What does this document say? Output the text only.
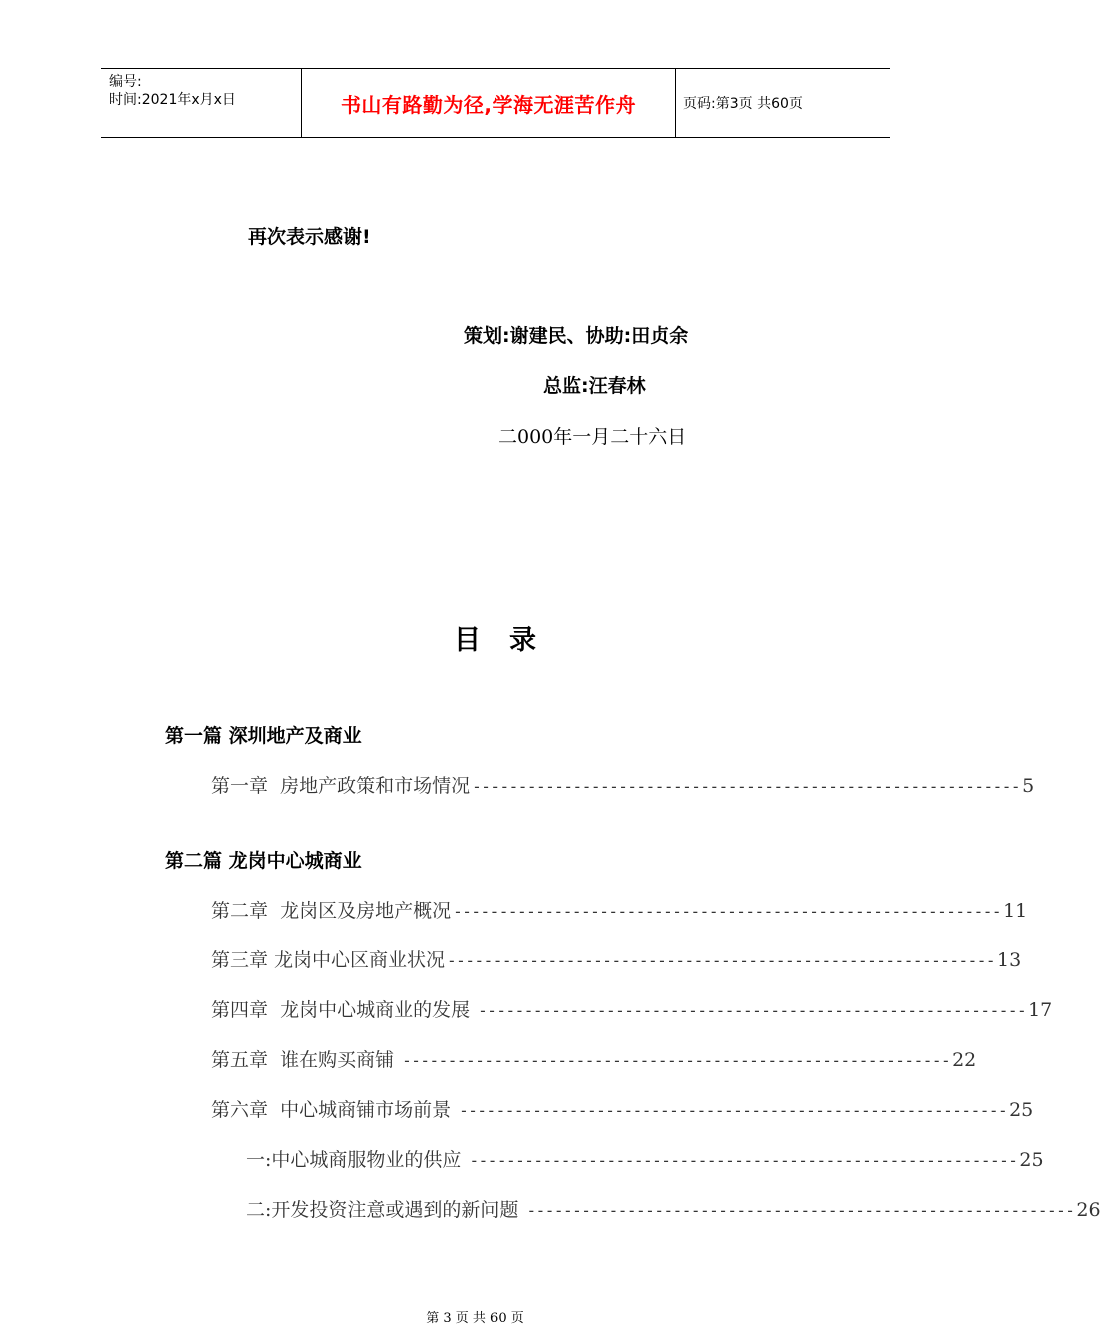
编号:
时间:2021年x月x日	书山有路勤为径,学海无涯苦作舟	页码:第3页 共60页
再次表示感谢!
策划:谢建民、协助:田贞余
总监:汪春林
二000年一月二十六日
目录
第一篇 深圳地产及商业
第一章  房地产政策和市场情况 ------------------------------------------------------------ 5
第二篇 龙岗中心城商业
第二章  龙岗区及房地产概况 ------------------------------------------------------------ 11
第三章 龙岗中心区商业状况 ------------------------------------------------------------ 13
第四章  龙岗中心城商业的发展 ------------------------------------------------------------ 17
第五章  谁在购买商铺 ------------------------------------------------------------ 22
第六章  中心城商铺市场前景 ------------------------------------------------------------ 25
一:中心城商服物业的供应 ------------------------------------------------------------ 25
二:开发投资注意或遇到的新问题 ------------------------------------------------------------ 26
第 3 页 共 60 页
